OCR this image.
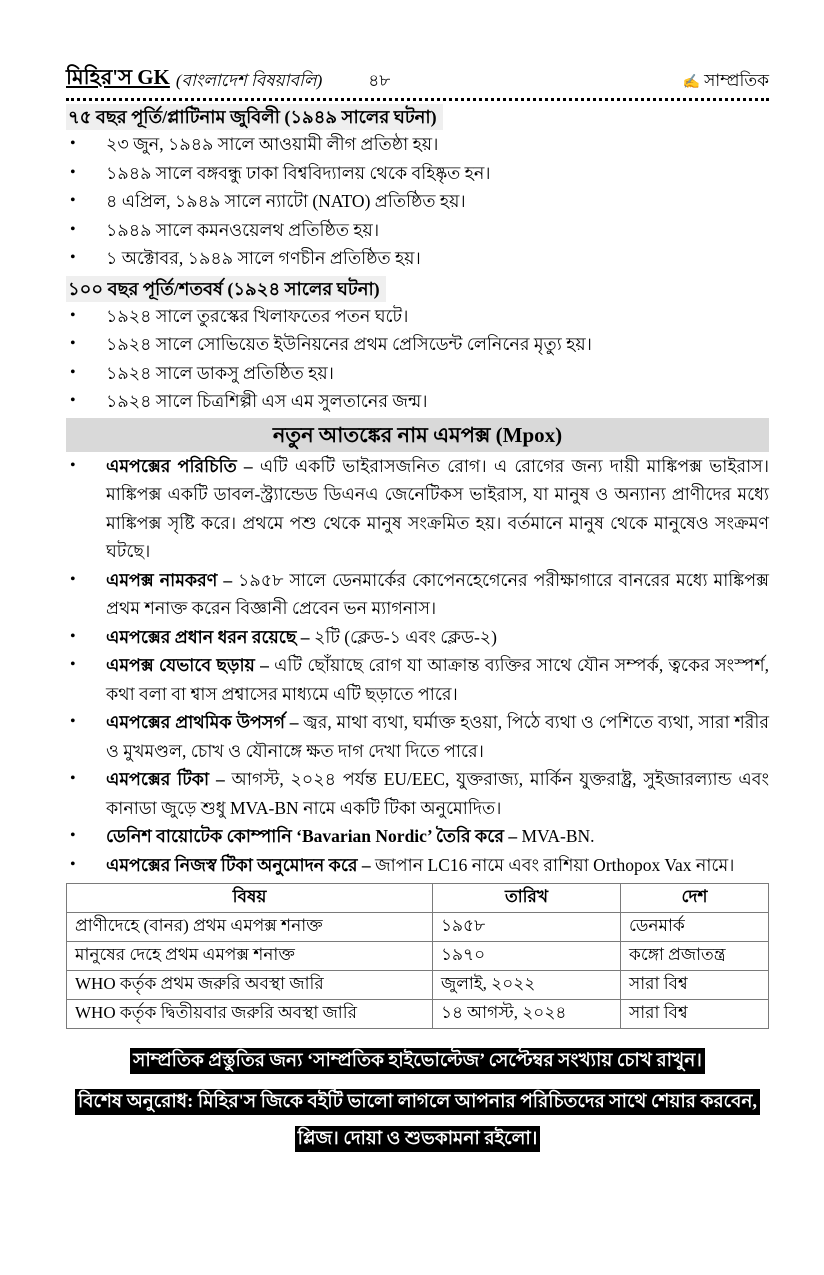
মিহির'স GK (বাংলাদেশ বিষয়াবলি)	৪৮	✍ সাম্প্রতিক
৭৫ বছর পূর্তি/প্লাটিনাম জুবিলী (১৯৪৯ সালের ঘটনা)
• ২৩ জুন, ১৯৪৯ সালে আওয়ামী লীগ প্রতিষ্ঠা হয়।
• ১৯৪৯ সালে বঙ্গবন্ধু ঢাকা বিশ্ববিদ্যালয় থেকে বহিষ্কৃত হন।
• ৪ এপ্রিল, ১৯৪৯ সালে ন্যাটো (NATO) প্রতিষ্ঠিত হয়।
• ১৯৪৯ সালে কমনওয়েলথ প্রতিষ্ঠিত হয়।
• ১ অক্টোবর, ১৯৪৯ সালে গণচীন প্রতিষ্ঠিত হয়।
১০০ বছর পূর্তি/শতবর্ষ (১৯২৪ সালের ঘটনা)
• ১৯২৪ সালে তুরস্কের খিলাফতের পতন ঘটে।
• ১৯২৪ সালে সোভিয়েত ইউনিয়নের প্রথম প্রেসিডেন্ট লেনিনের মৃত্যু হয়।
• ১৯২৪ সালে ডাকসু প্রতিষ্ঠিত হয়।
• ১৯২৪ সালে চিত্রশিল্পী এস এম সুলতানের জন্ম।
নতুন আতঙ্কের নাম এমপক্স (Mpox)
• এমপক্সের পরিচিতি – এটি একটি ভাইরাসজনিত রোগ। এ রোগের জন্য দায়ী মাঙ্কিপক্স ভাইরাস। মাঙ্কিপক্স একটি ডাবল-স্ট্র্যান্ডেড ডিএনএ জেনেটিকস ভাইরাস, যা মানুষ ও অন্যান্য প্রাণীদের মধ্যে মাঙ্কিপক্স সৃষ্টি করে। প্রথমে পশু থেকে মানুষ সংক্রমিত হয়। বর্তমানে মানুষ থেকে মানুষেও সংক্রমণ ঘটছে।
• এমপক্স নামকরণ – ১৯৫৮ সালে ডেনমার্কের কোপেনহেগেনের পরীক্ষাগারে বানরের মধ্যে মাঙ্কিপক্স প্রথম শনাক্ত করেন বিজ্ঞানী প্রেবেন ভন ম্যাগনাস।
• এমপক্সের প্রধান ধরন রয়েছে – ২টি (ক্লেড-১ এবং ক্লেড-২)
• এমপক্স যেভাবে ছড়ায় – এটি ছোঁয়াছে রোগ যা আক্রান্ত ব্যক্তির সাথে যৌন সম্পর্ক, ত্বকের সংস্পর্শ, কথা বলা বা শ্বাস প্রশ্বাসের মাধ্যমে এটি ছড়াতে পারে।
• এমপক্সের প্রাথমিক উপসর্গ – জ্বর, মাথা ব্যথা, ঘর্মাক্ত হওয়া, পিঠে ব্যথা ও পেশিতে ব্যথা, সারা শরীর ও মুখমণ্ডল, চোখ ও যৌনাঙ্গে ক্ষত দাগ দেখা দিতে পারে।
• এমপক্সের টিকা – আগস্ট, ২০২৪ পর্যন্ত EU/EEC, যুক্তরাজ্য, মার্কিন যুক্তরাষ্ট্র, সুইজারল্যান্ড এবং কানাডা জুড়ে শুধু MVA-BN নামে একটি টিকা অনুমোদিত।
• ডেনিশ বায়োটেক কোম্পানি ‘Bavarian Nordic’ তৈরি করে – MVA-BN.
• এমপক্সের নিজস্ব টিকা অনুমোদন করে – জাপান LC16 নামে এবং রাশিয়া Orthopox Vax নামে।
বিষয়	তারিখ	দেশ
প্রাণীদেহে (বানর) প্রথম এমপক্স শনাক্ত	১৯৫৮	ডেনমার্ক
মানুষের দেহে প্রথম এমপক্স শনাক্ত	১৯৭০	কঙ্গো প্রজাতন্ত্র
WHO কর্তৃক প্রথম জরুরি অবস্থা জারি	জুলাই, ২০২২	সারা বিশ্ব
WHO কর্তৃক দ্বিতীয়বার জরুরি অবস্থা জারি	১৪ আগস্ট, ২০২৪	সারা বিশ্ব
সাম্প্রতিক প্রস্তুতির জন্য ‘সাম্প্রতিক হাইভোল্টেজ’ সেপ্টেম্বর সংখ্যায় চোখ রাখুন।
বিশেষ অনুরোধ: মিহির'স জিকে বইটি ভালো লাগলে আপনার পরিচিতদের সাথে শেয়ার করবেন, প্লিজ। দোয়া ও শুভকামনা রইলো।
